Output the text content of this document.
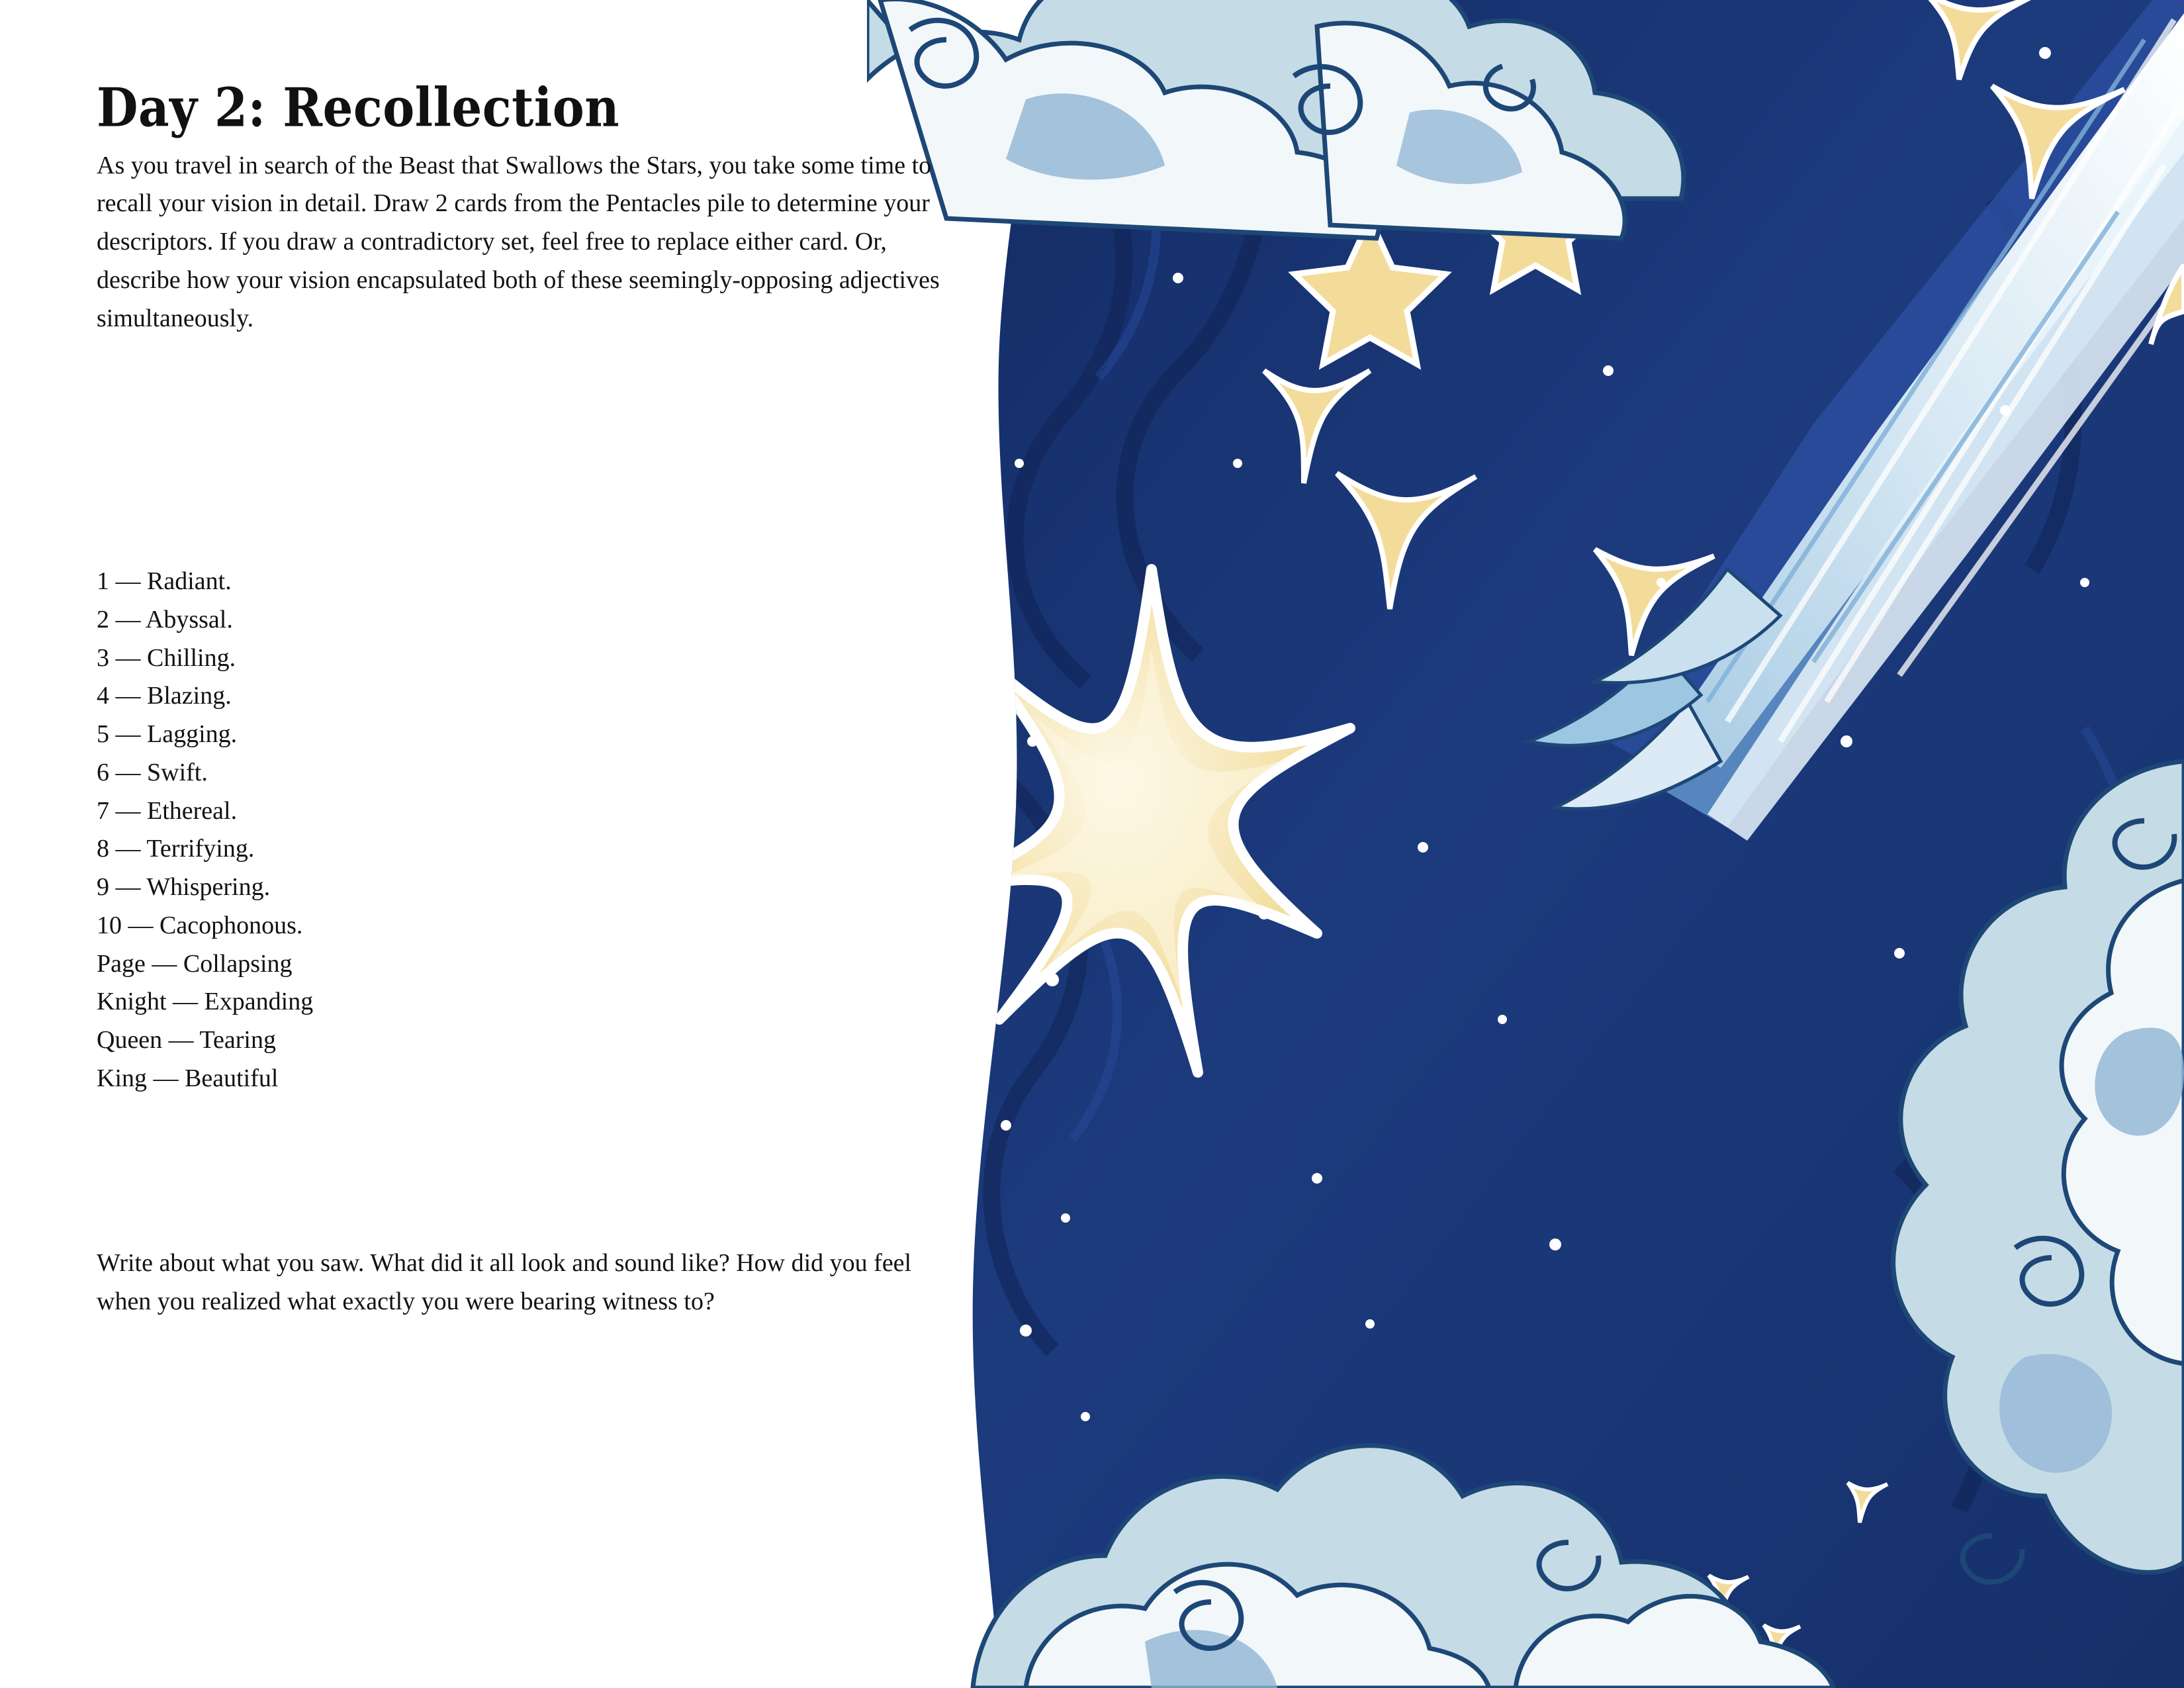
Day 2: Recollection

As you travel in search of the Beast that Swallows the Stars, you take some time to recall your vision in detail. Draw 2 cards from the Pentacles pile to determine your descriptors. If you draw a contradictory set, feel free to replace either card. Or, describe how your vision encapsulated both of these seemingly-opposing adjectives simultaneously.

1 — Radiant.
2 — Abyssal.
3 — Chilling.
4 — Blazing.
5 — Lagging.
6 — Swift.
7 — Ethereal.
8 — Terrifying.
9 — Whispering.
10 — Cacophonous.
Page — Collapsing
Knight — Expanding
Queen — Tearing
King — Beautiful

Write about what you saw. What did it all look and sound like? How did you feel when you realized what exactly you were bearing witness to?
